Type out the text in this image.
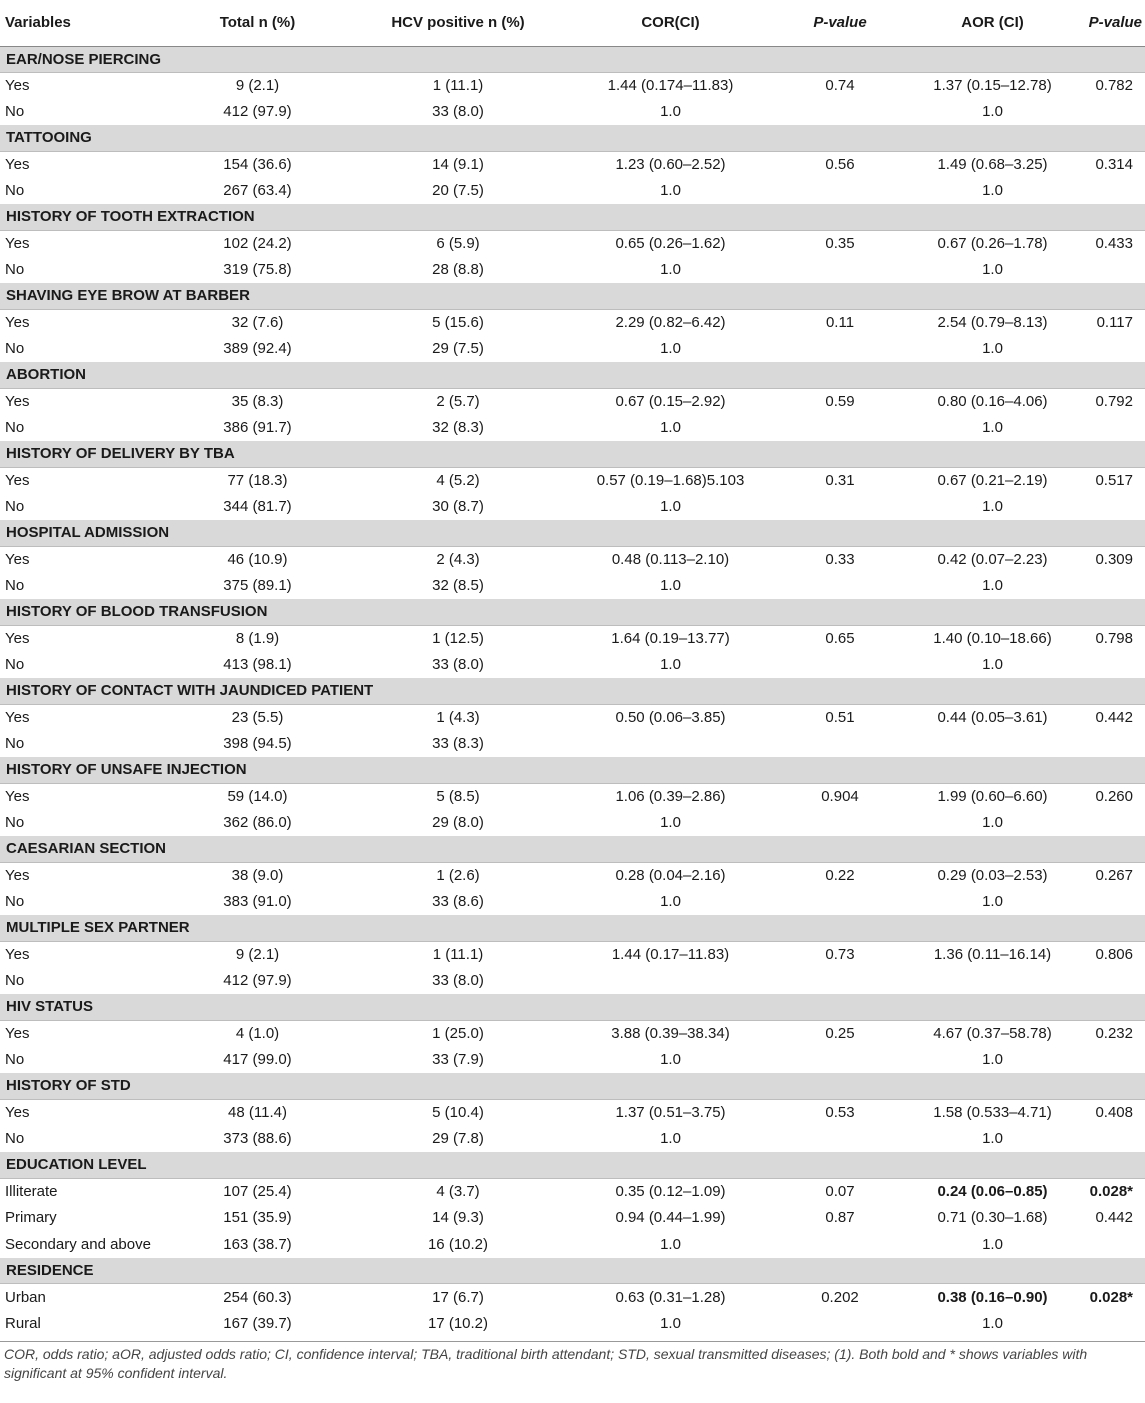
Variables	Total n (%)	HCV positive n (%)	COR(CI)	P-value	AOR (CI)	P-value
EAR/NOSE PIERCING						
Yes	9 (2.1)	1 (11.1)	1.44 (0.174–11.83)	0.74	1.37 (0.15–12.78)	0.782
No	412 (97.9)	33 (8.0)	1.0		1.0	
TATTOOING						
Yes	154 (36.6)	14 (9.1)	1.23 (0.60–2.52)	0.56	1.49 (0.68–3.25)	0.314
No	267 (63.4)	20 (7.5)	1.0		1.0	
HISTORY OF TOOTH EXTRACTION						
Yes	102 (24.2)	6 (5.9)	0.65 (0.26–1.62)	0.35	0.67 (0.26–1.78)	0.433
No	319 (75.8)	28 (8.8)	1.0		1.0	
SHAVING EYE BROW AT BARBER						
Yes	32 (7.6)	5 (15.6)	2.29 (0.82–6.42)	0.11	2.54 (0.79–8.13)	0.117
No	389 (92.4)	29 (7.5)	1.0		1.0	
ABORTION						
Yes	35 (8.3)	2 (5.7)	0.67 (0.15–2.92)	0.59	0.80 (0.16–4.06)	0.792
No	386 (91.7)	32 (8.3)	1.0		1.0	
HISTORY OF DELIVERY BY TBA						
Yes	77 (18.3)	4 (5.2)	0.57 (0.19–1.68)5.103	0.31	0.67 (0.21–2.19)	0.517
No	344 (81.7)	30 (8.7)	1.0		1.0	
HOSPITAL ADMISSION						
Yes	46 (10.9)	2 (4.3)	0.48 (0.113–2.10)	0.33	0.42 (0.07–2.23)	0.309
No	375 (89.1)	32 (8.5)	1.0		1.0	
HISTORY OF BLOOD TRANSFUSION						
Yes	8 (1.9)	1 (12.5)	1.64 (0.19–13.77)	0.65	1.40 (0.10–18.66)	0.798
No	413 (98.1)	33 (8.0)	1.0		1.0	
HISTORY OF CONTACT WITH JAUNDICED PATIENT						
Yes	23 (5.5)	1 (4.3)	0.50 (0.06–3.85)	0.51	0.44 (0.05–3.61)	0.442
No	398 (94.5)	33 (8.3)				
HISTORY OF UNSAFE INJECTION						
Yes	59 (14.0)	5 (8.5)	1.06 (0.39–2.86)	0.904	1.99 (0.60–6.60)	0.260
No	362 (86.0)	29 (8.0)	1.0		1.0	
CAESARIAN SECTION						
Yes	38 (9.0)	1 (2.6)	0.28 (0.04–2.16)	0.22	0.29 (0.03–2.53)	0.267
No	383 (91.0)	33 (8.6)	1.0		1.0	
MULTIPLE SEX PARTNER						
Yes	9 (2.1)	1 (11.1)	1.44 (0.17–11.83)	0.73	1.36 (0.11–16.14)	0.806
No	412 (97.9)	33 (8.0)				
HIV STATUS						
Yes	4 (1.0)	1 (25.0)	3.88 (0.39–38.34)	0.25	4.67 (0.37–58.78)	0.232
No	417 (99.0)	33 (7.9)	1.0		1.0	
HISTORY OF STD						
Yes	48 (11.4)	5 (10.4)	1.37 (0.51–3.75)	0.53	1.58 (0.533–4.71)	0.408
No	373 (88.6)	29 (7.8)	1.0		1.0	
EDUCATION LEVEL						
Illiterate	107 (25.4)	4 (3.7)	0.35 (0.12–1.09)	0.07	0.24 (0.06–0.85)	0.028*
Primary	151 (35.9)	14 (9.3)	0.94 (0.44–1.99)	0.87	0.71 (0.30–1.68)	0.442
Secondary and above	163 (38.7)	16 (10.2)	1.0		1.0	
RESIDENCE						
Urban	254 (60.3)	17 (6.7)	0.63 (0.31–1.28)	0.202	0.38 (0.16–0.90)	0.028*
Rural	167 (39.7)	17 (10.2)	1.0		1.0	

COR, odds ratio; aOR, adjusted odds ratio; CI, confidence interval; TBA, traditional birth attendant; STD, sexual transmitted diseases; (1). Both bold and * shows variables with significant at 95% confident interval.
